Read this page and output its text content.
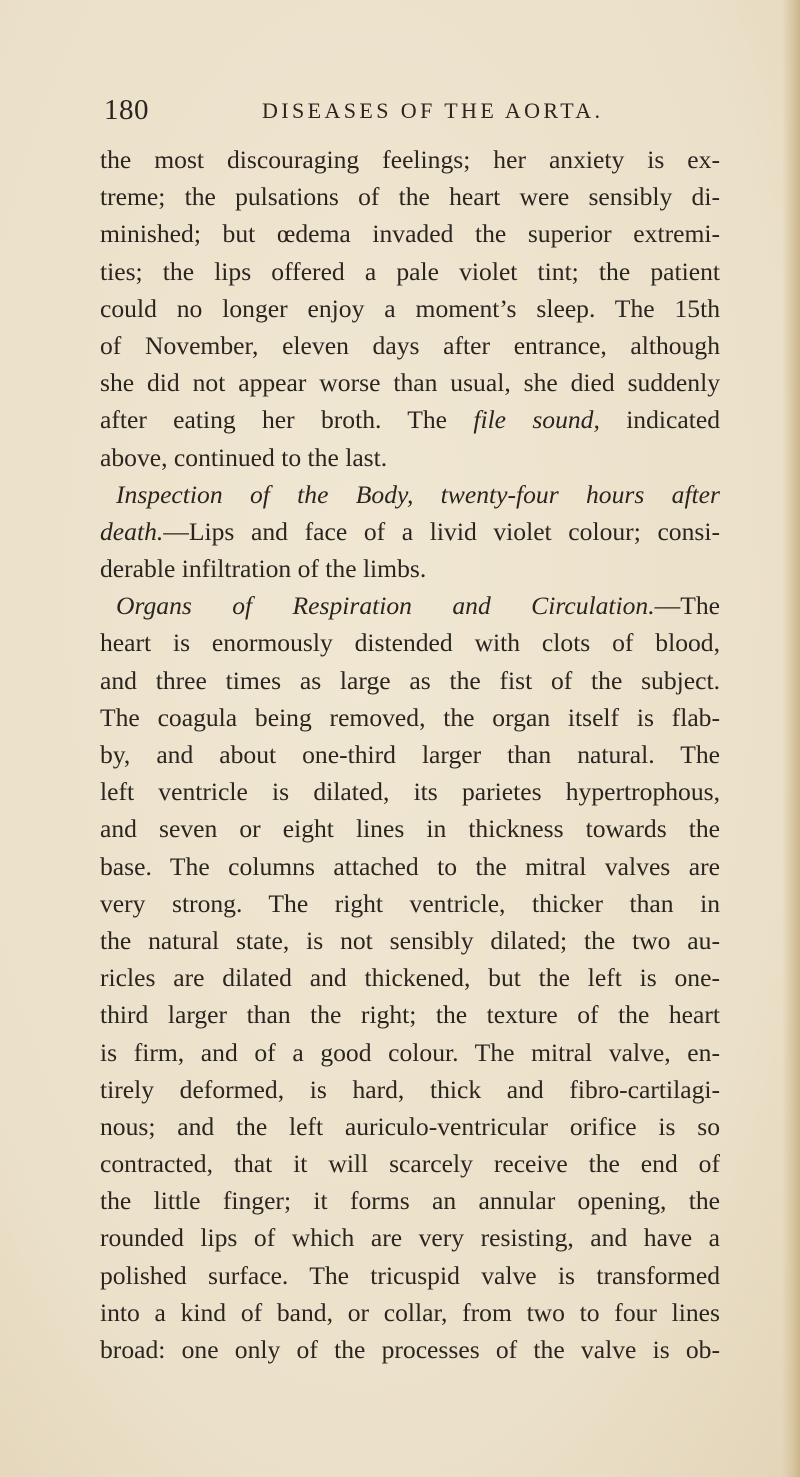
180	DISEASES OF THE AORTA.
the most discouraging feelings; her anxiety is ex-
treme; the pulsations of the heart were sensibly di-
minished; but œdema invaded the superior extremi-
ties; the lips offered a pale violet tint; the patient
could no longer enjoy a moment’s sleep. The 15th
of November, eleven days after entrance, although
she did not appear worse than usual, she died suddenly
after eating her broth. The file sound, indicated
above, continued to the last.
Inspection of the Body, twenty-four hours after
death.—Lips and face of a livid violet colour; consi-
derable infiltration of the limbs.
Organs of Respiration and Circulation.—The
heart is enormously distended with clots of blood,
and three times as large as the fist of the subject.
The coagula being removed, the organ itself is flab-
by, and about one-third larger than natural. The
left ventricle is dilated, its parietes hypertrophous,
and seven or eight lines in thickness towards the
base. The columns attached to the mitral valves are
very strong. The right ventricle, thicker than in
the natural state, is not sensibly dilated; the two au-
ricles are dilated and thickened, but the left is one-
third larger than the right; the texture of the heart
is firm, and of a good colour. The mitral valve, en-
tirely deformed, is hard, thick and fibro-cartilagi-
nous; and the left auriculo-ventricular orifice is so
contracted, that it will scarcely receive the end of
the little finger; it forms an annular opening, the
rounded lips of which are very resisting, and have a
polished surface. The tricuspid valve is transformed
into a kind of band, or collar, from two to four lines
broad: one only of the processes of the valve is ob-
